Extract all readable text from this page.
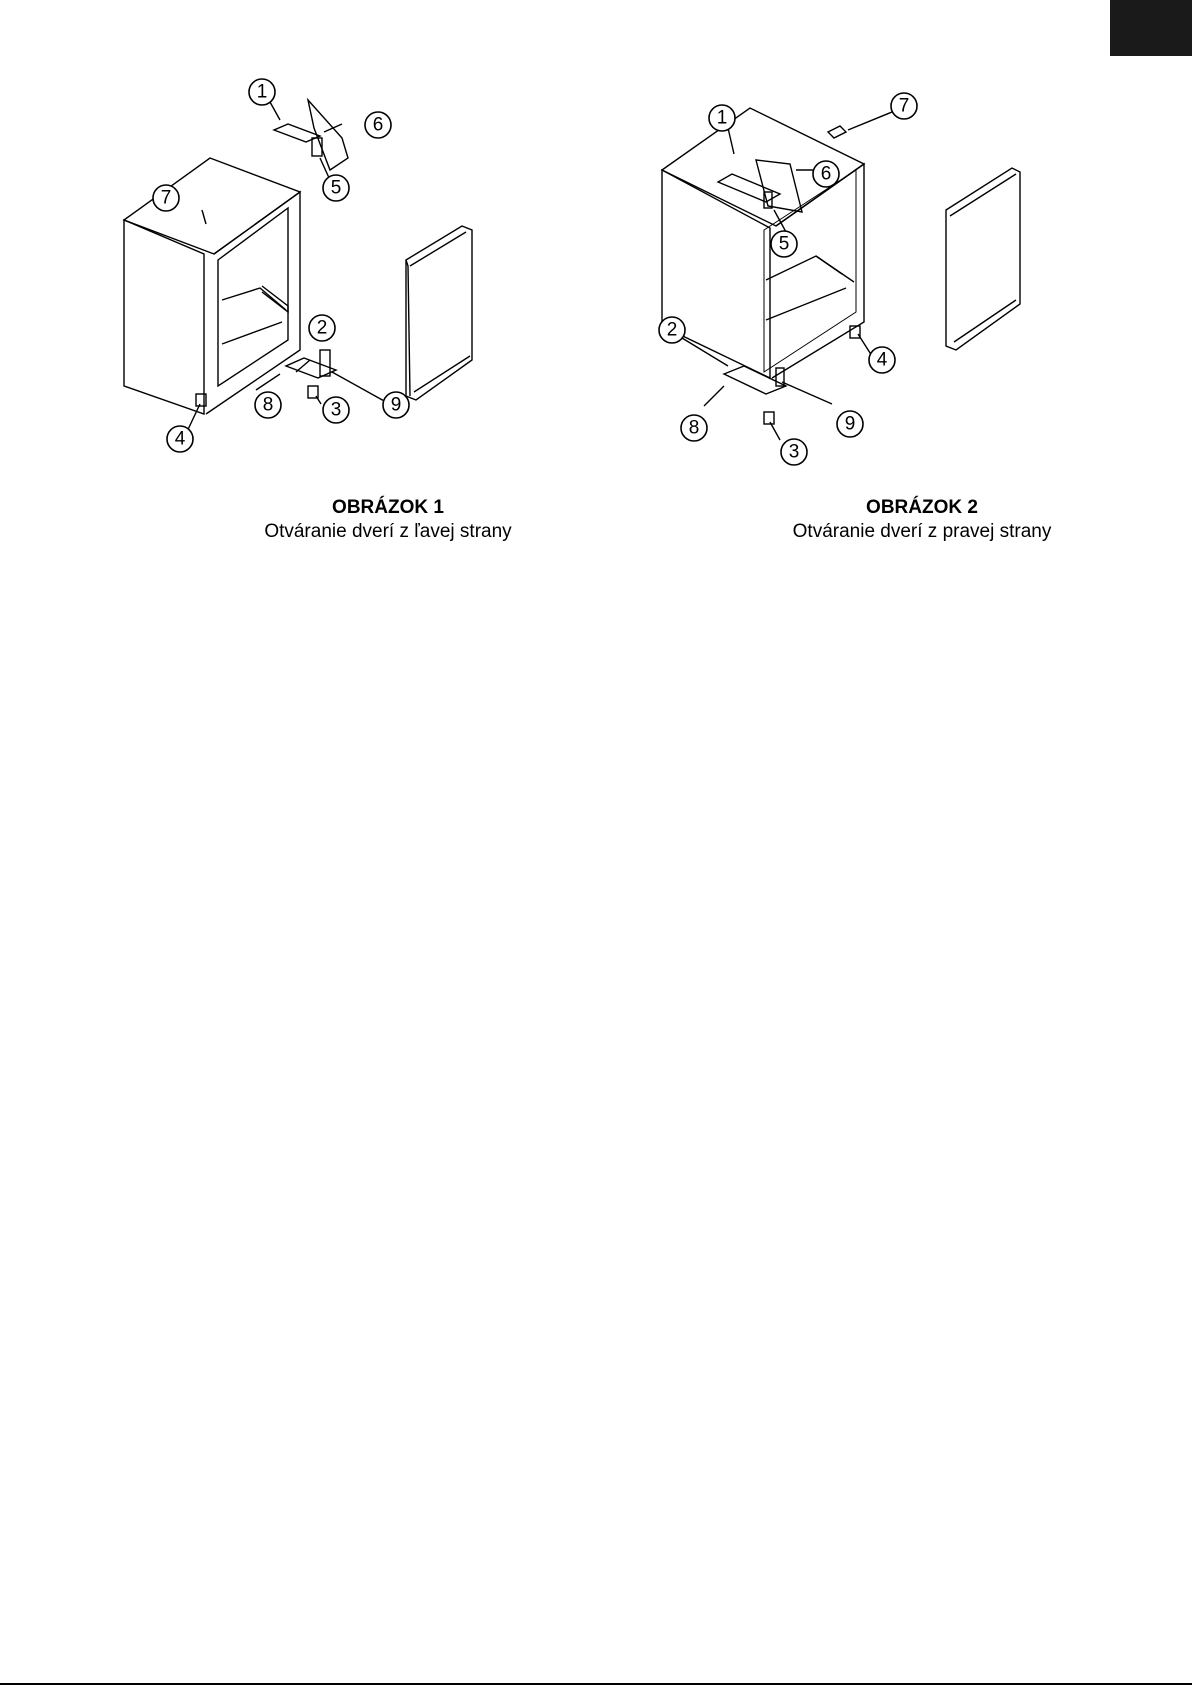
1
6
5
7
2
8	3	9
4
OBRÁZOK 1
Otváranie dverí z ľavej strany
1
7
6
5
2
4
8	9
3
OBRÁZOK 2
Otváranie dverí z pravej strany
